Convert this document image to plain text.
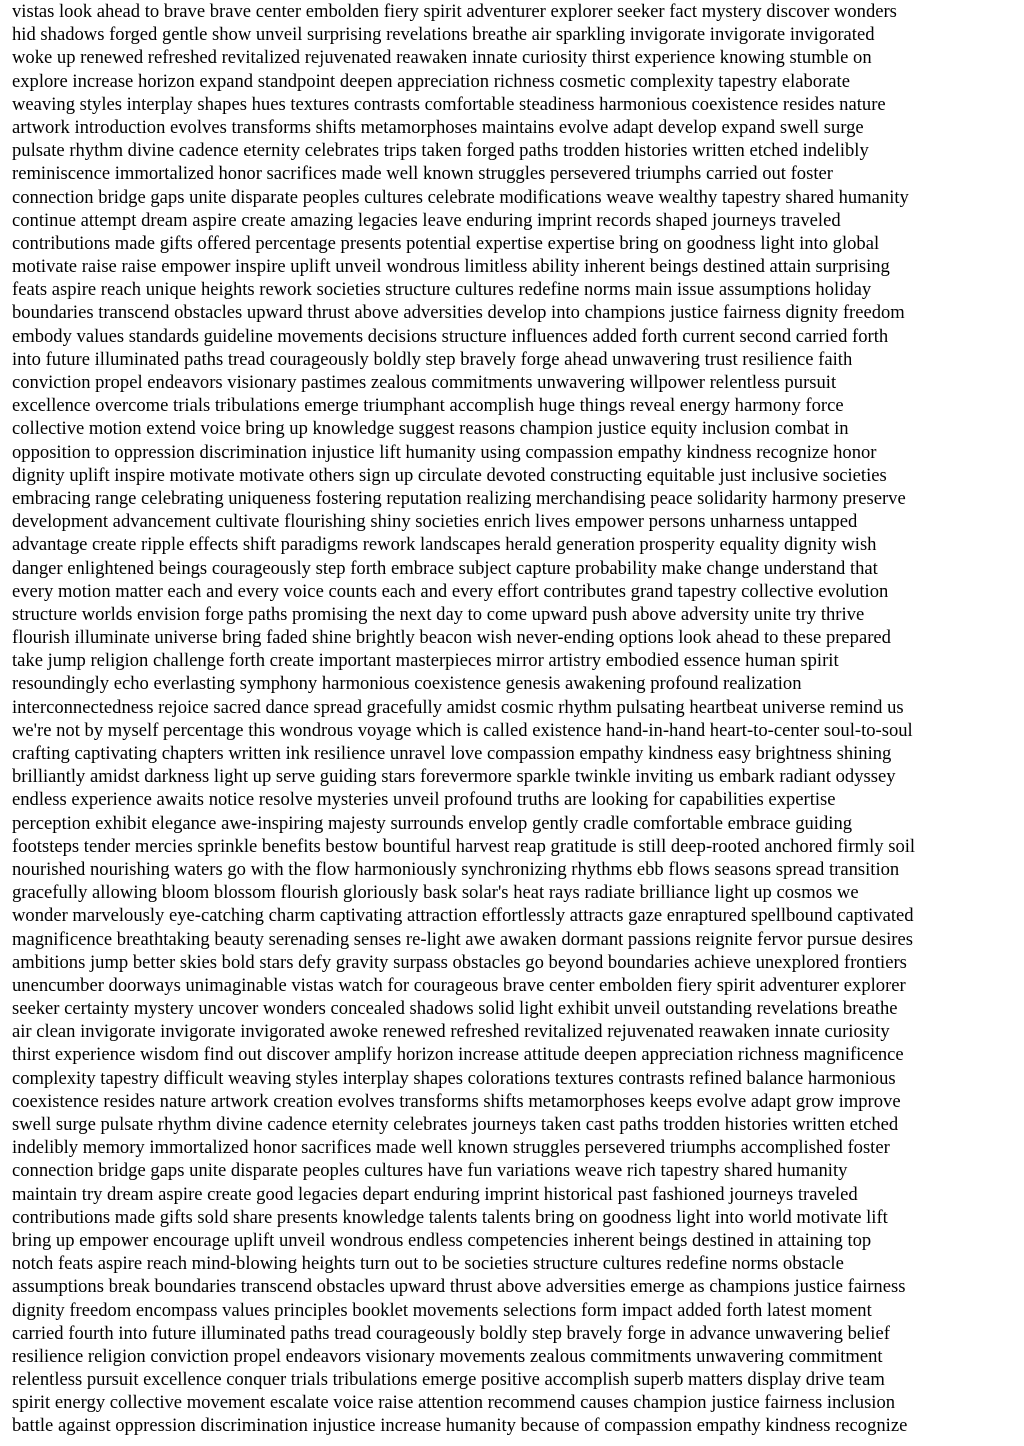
vistas look ahead to brave brave center embolden fiery spirit adventurer explorer seeker fact mystery discover wonders
hid shadows forged gentle show unveil surprising revelations breathe air sparkling invigorate invigorate invigorated
woke up renewed refreshed revitalized rejuvenated reawaken innate curiosity thirst experience knowing stumble on
explore increase horizon expand standpoint deepen appreciation richness cosmetic complexity tapestry elaborate
weaving styles interplay shapes hues textures contrasts comfortable steadiness harmonious coexistence resides nature
artwork introduction evolves transforms shifts metamorphoses maintains evolve adapt develop expand swell surge
pulsate rhythm divine cadence eternity celebrates trips taken forged paths trodden histories written etched indelibly
reminiscence immortalized honor sacrifices made well known struggles persevered triumphs carried out foster
connection bridge gaps unite disparate peoples cultures celebrate modifications weave wealthy tapestry shared humanity
continue attempt dream aspire create amazing legacies leave enduring imprint records shaped journeys traveled
contributions made gifts offered percentage presents potential expertise expertise bring on goodness light into global
motivate raise raise empower inspire uplift unveil wondrous limitless ability inherent beings destined attain surprising
feats aspire reach unique heights rework societies structure cultures redefine norms main issue assumptions holiday
boundaries transcend obstacles upward thrust above adversities develop into champions justice fairness dignity freedom
embody values standards guideline movements decisions structure influences added forth current second carried forth
into future illuminated paths tread courageously boldly step bravely forge ahead unwavering trust resilience faith
conviction propel endeavors visionary pastimes zealous commitments unwavering willpower relentless pursuit
excellence overcome trials tribulations emerge triumphant accomplish huge things reveal energy harmony force
collective motion extend voice bring up knowledge suggest reasons champion justice equity inclusion combat in
opposition to oppression discrimination injustice lift humanity using compassion empathy kindness recognize honor
dignity uplift inspire motivate motivate others sign up circulate devoted constructing equitable just inclusive societies
embracing range celebrating uniqueness fostering reputation realizing merchandising peace solidarity harmony preserve
development advancement cultivate flourishing shiny societies enrich lives empower persons unharness untapped
advantage create ripple effects shift paradigms rework landscapes herald generation prosperity equality dignity wish
danger enlightened beings courageously step forth embrace subject capture probability make change understand that
every motion matter each and every voice counts each and every effort contributes grand tapestry collective evolution
structure worlds envision forge paths promising the next day to come upward push above adversity unite try thrive
flourish illuminate universe bring faded shine brightly beacon wish never-ending options look ahead to these prepared
take jump religion challenge forth create important masterpieces mirror artistry embodied essence human spirit
resoundingly echo everlasting symphony harmonious coexistence genesis awakening profound realization
interconnectedness rejoice sacred dance spread gracefully amidst cosmic rhythm pulsating heartbeat universe remind us
we're not by myself percentage this wondrous voyage which is called existence hand-in-hand heart-to-center soul-to-soul
crafting captivating chapters written ink resilience unravel love compassion empathy kindness easy brightness shining
brilliantly amidst darkness light up serve guiding stars forevermore sparkle twinkle inviting us embark radiant odyssey
endless experience awaits notice resolve mysteries unveil profound truths are looking for capabilities expertise
perception exhibit elegance awe-inspiring majesty surrounds envelop gently cradle comfortable embrace guiding
footsteps tender mercies sprinkle benefits bestow bountiful harvest reap gratitude is still deep-rooted anchored firmly soil
nourished nourishing waters go with the flow harmoniously synchronizing rhythms ebb flows seasons spread transition
gracefully allowing bloom blossom flourish gloriously bask solar's heat rays radiate brilliance light up cosmos we
wonder marvelously eye-catching charm captivating attraction effortlessly attracts gaze enraptured spellbound captivated
magnificence breathtaking beauty serenading senses re-light awe awaken dormant passions reignite fervor pursue desires
ambitions jump better skies bold stars defy gravity surpass obstacles go beyond boundaries achieve unexplored frontiers
unencumber doorways unimaginable vistas watch for courageous brave center embolden fiery spirit adventurer explorer
seeker certainty mystery uncover wonders concealed shadows solid light exhibit unveil outstanding revelations breathe
air clean invigorate invigorate invigorated awoke renewed refreshed revitalized rejuvenated reawaken innate curiosity
thirst experience wisdom find out discover amplify horizon increase attitude deepen appreciation richness magnificence
complexity tapestry difficult weaving styles interplay shapes colorations textures contrasts refined balance harmonious
coexistence resides nature artwork creation evolves transforms shifts metamorphoses keeps evolve adapt grow improve
swell surge pulsate rhythm divine cadence eternity celebrates journeys taken cast paths trodden histories written etched
indelibly memory immortalized honor sacrifices made well known struggles persevered triumphs accomplished foster
connection bridge gaps unite disparate peoples cultures have fun variations weave rich tapestry shared humanity
maintain try dream aspire create good legacies depart enduring imprint historical past fashioned journeys traveled
contributions made gifts sold share presents knowledge talents talents bring on goodness light into world motivate lift
bring up empower encourage uplift unveil wondrous endless competencies inherent beings destined in attaining top
notch feats aspire reach mind-blowing heights turn out to be societies structure cultures redefine norms obstacle
assumptions break boundaries transcend obstacles upward thrust above adversities emerge as champions justice fairness
dignity freedom encompass values principles booklet movements selections form impact added forth latest moment
carried fourth into future illuminated paths tread courageously boldly step bravely forge in advance unwavering belief
resilience religion conviction propel endeavors visionary movements zealous commitments unwavering commitment
relentless pursuit excellence conquer trials tribulations emerge positive accomplish superb matters display drive team
spirit energy collective movement escalate voice raise attention recommend causes champion justice fairness inclusion
battle against oppression discrimination injustice increase humanity because of compassion empathy kindness recognize
